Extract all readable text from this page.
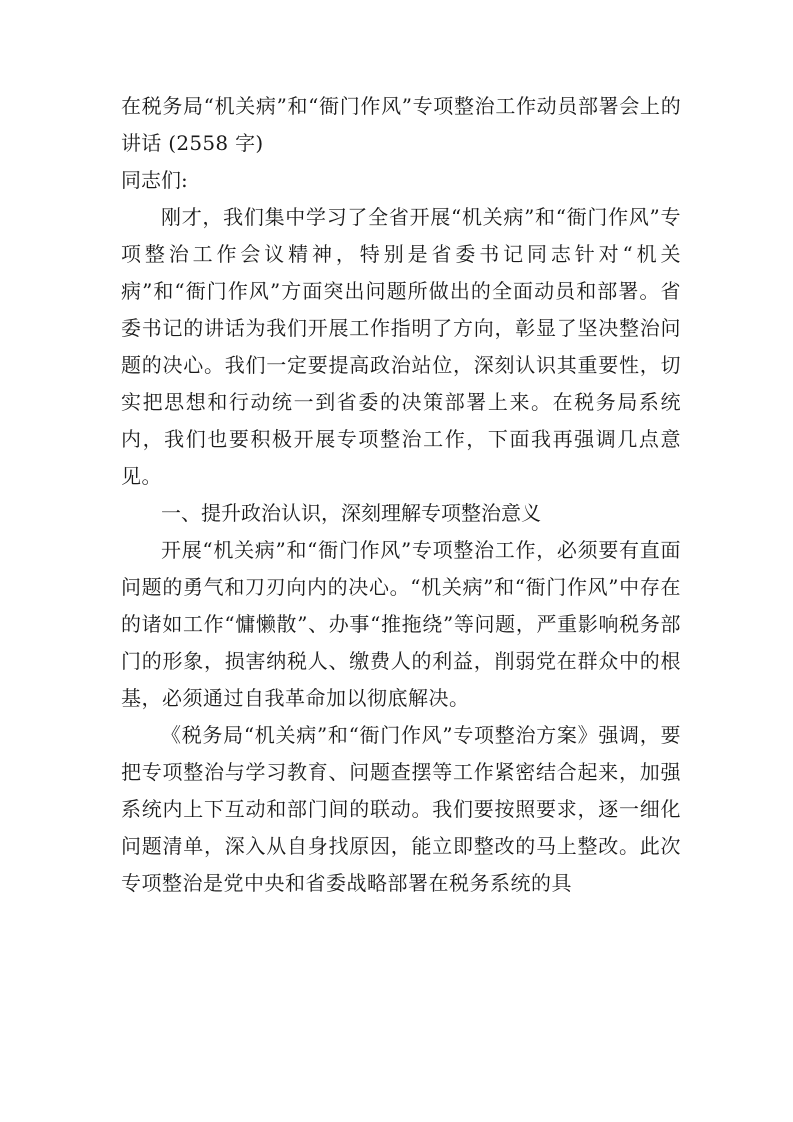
在税务局“机关病”和“衙门作风”专项整治工作动员部署会上的讲话 (2558 字)

同志们:

刚才，我们集中学习了全省开展“机关病”和“衙门作风”专项整治工作会议精神，特别是省委书记同志针对“机关病”和“衙门作风”方面突出问题所做出的全面动员和部署。省委书记的讲话为我们开展工作指明了方向，彰显了坚决整治问题的决心。我们一定要提高政治站位，深刻认识其重要性，切实把思想和行动统一到省委的决策部署上来。在税务局系统内，我们也要积极开展专项整治工作，下面我再强调几点意见。

一、提升政治认识，深刻理解专项整治意义

开展“机关病”和“衙门作风”专项整治工作，必须要有直面问题的勇气和刀刃向内的决心。“机关病”和“衙门作风”中存在的诸如工作“慵懒散”、办事“推拖绕”等问题，严重影响税务部门的形象，损害纳税人、缴费人的利益，削弱党在群众中的根基，必须通过自我革命加以彻底解决。

《税务局“机关病”和“衙门作风”专项整治方案》强调，要把专项整治与学习教育、问题查摆等工作紧密结合起来，加强系统内上下互动和部门间的联动。我们要按照要求，逐一细化问题清单，深入从自身找原因，能立即整改的马上整改。此次专项整治是党中央和省委战略部署在税务系统的具
